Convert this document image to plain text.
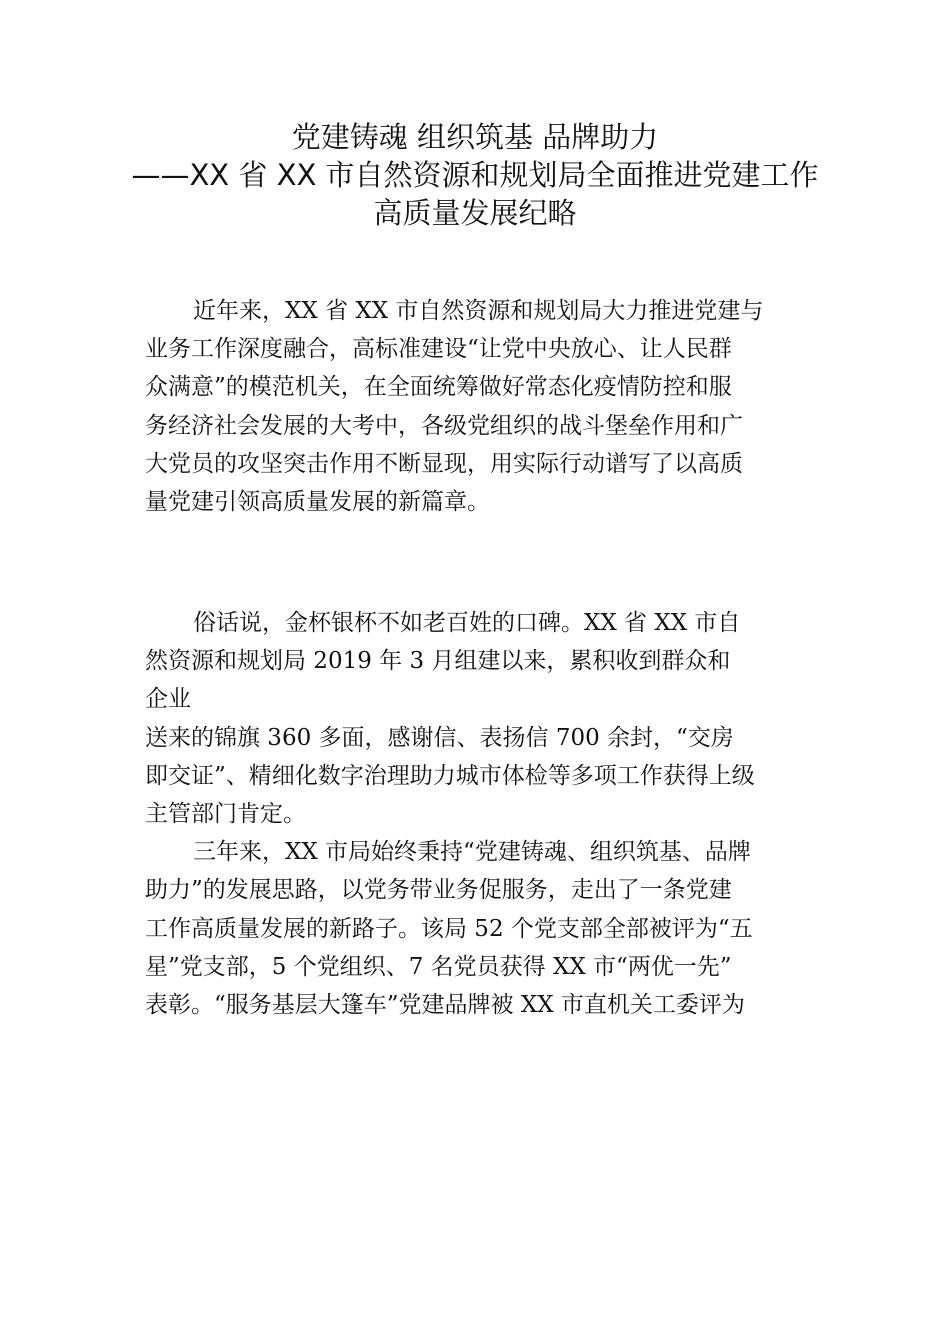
党建铸魂 组织筑基 品牌助力
——XX 省 XX 市自然资源和规划局全面推进党建工作
高质量发展纪略
近年来，XX 省 XX 市自然资源和规划局大力推进党建与
业务工作深度融合，高标准建设“让党中央放心、让人民群
众满意”的模范机关，在全面统筹做好常态化疫情防控和服
务经济社会发展的大考中，各级党组织的战斗堡垒作用和广
大党员的攻坚突击作用不断显现，用实际行动谱写了以高质
量党建引领高质量发展的新篇章。
俗话说，金杯银杯不如老百姓的口碑。XX 省 XX 市自
然资源和规划局 2019 年 3 月组建以来，累积收到群众和
企业
送来的锦旗 360 多面，感谢信、表扬信 700 余封，“交房
即交证”、精细化数字治理助力城市体检等多项工作获得上级
主管部门肯定。
三年来，XX 市局始终秉持“党建铸魂、组织筑基、品牌
助力”的发展思路，以党务带业务促服务，走出了一条党建
工作高质量发展的新路子。该局 52 个党支部全部被评为“五
星”党支部，5 个党组织、7 名党员获得 XX 市“两优一先”
表彰。“服务基层大篷车”党建品牌被 XX 市直机关工委评为
